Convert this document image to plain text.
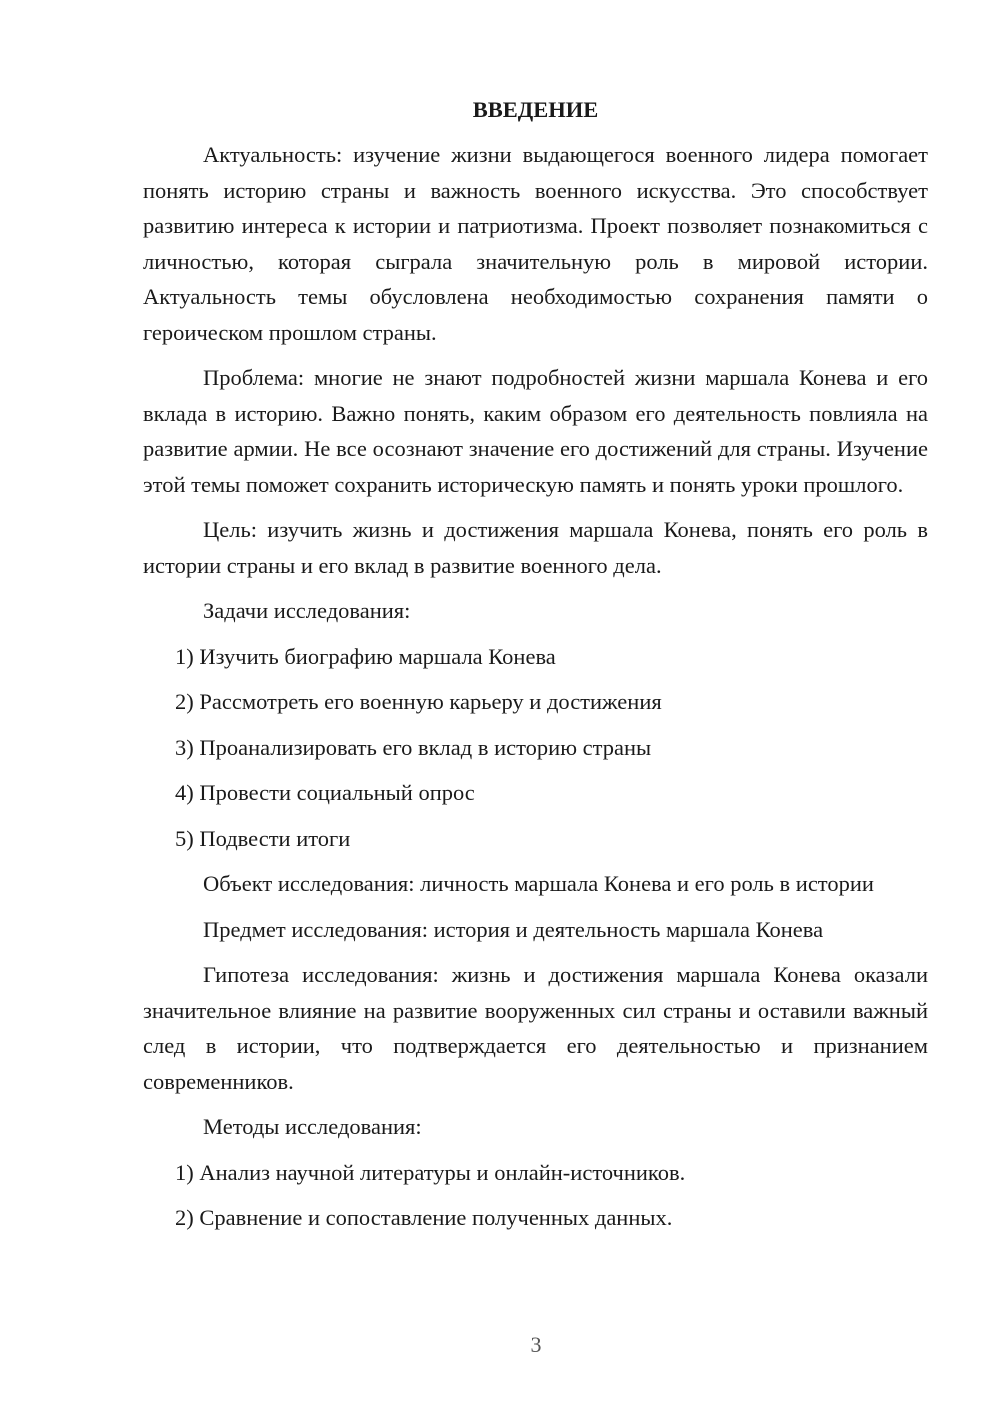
ВВЕДЕНИЕ

Актуальность: изучение жизни выдающегося военного лидера помогает понять историю страны и важность военного искусства. Это способствует развитию интереса к истории и патриотизма. Проект позволяет познакомиться с личностью, которая сыграла значительную роль в мировой истории. Актуальность темы обусловлена необходимостью сохранения памяти о героическом прошлом страны.

Проблема: многие не знают подробностей жизни маршала Конева и его вклада в историю. Важно понять, каким образом его деятельность повлияла на развитие армии. Не все осознают значение его достижений для страны. Изучение этой темы поможет сохранить историческую память и понять уроки прошлого.

Цель: изучить жизнь и достижения маршала Конева, понять его роль в истории страны и его вклад в развитие военного дела.

Задачи исследования:

1) Изучить биографию маршала Конева
2) Рассмотреть его военную карьеру и достижения
3) Проанализировать его вклад в историю страны
4) Провести социальный опрос
5) Подвести итоги

Объект исследования: личность маршала Конева и его роль в истории

Предмет исследования: история и деятельность маршала Конева

Гипотеза исследования: жизнь и достижения маршала Конева оказали значительное влияние на развитие вооруженных сил страны и оставили важный след в истории, что подтверждается его деятельностью и признанием современников.

Методы исследования:

1) Анализ научной литературы и онлайн-источников.
2) Сравнение и сопоставление полученных данных.
3
